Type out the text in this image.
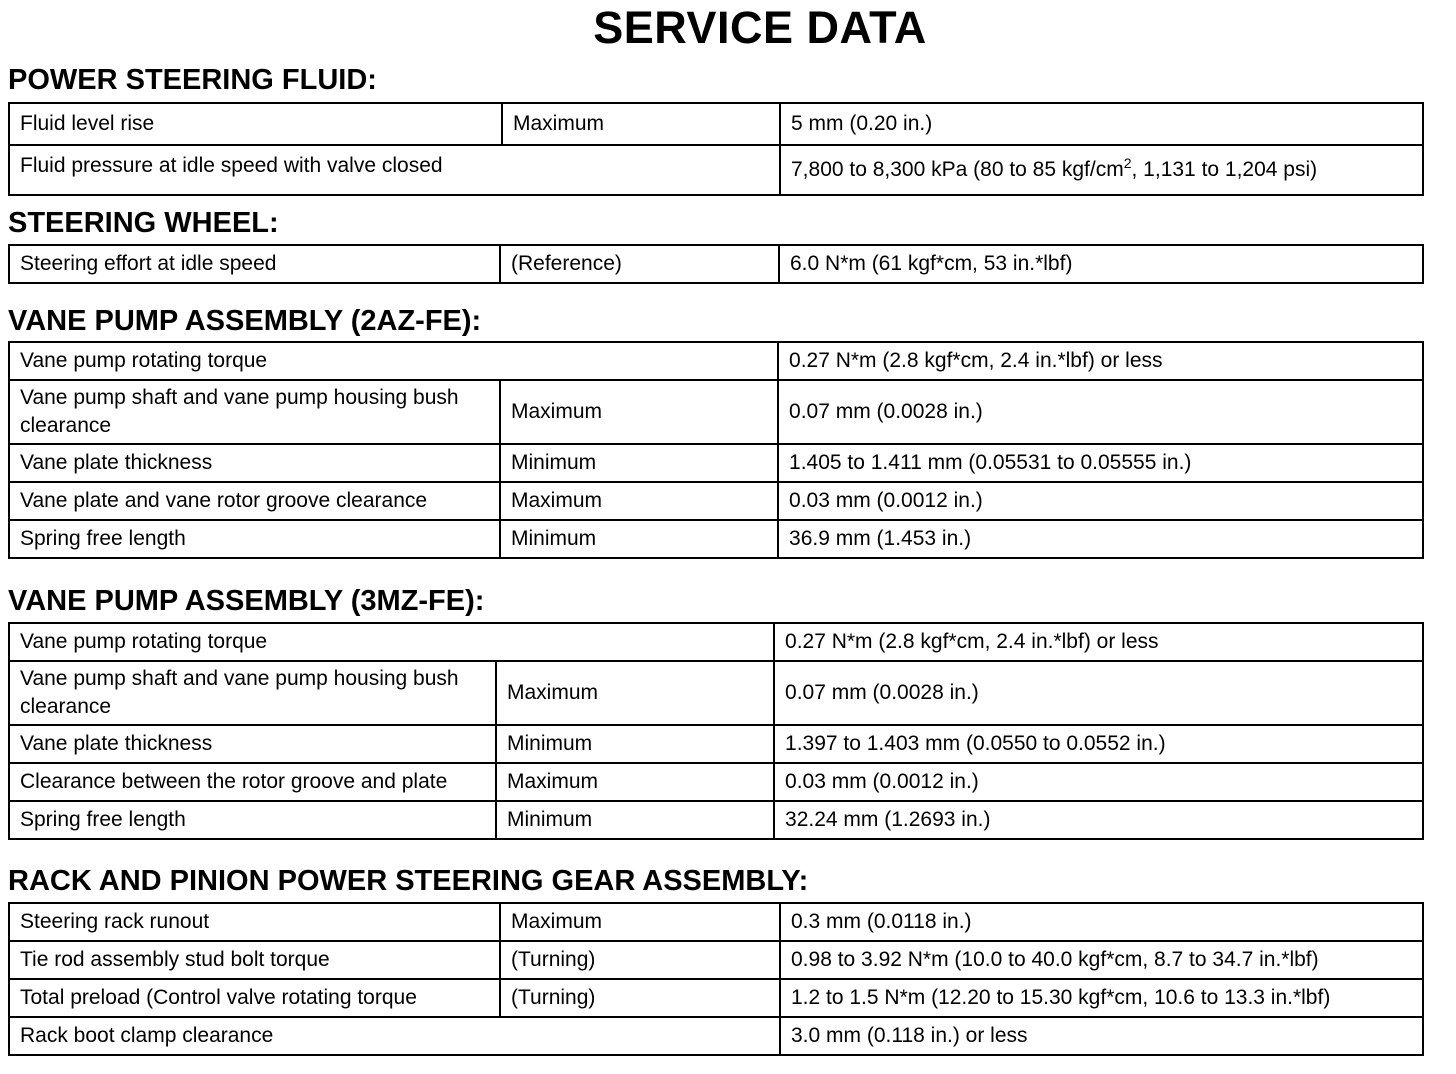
SERVICE DATA
POWER STEERING FLUID:
Fluid level rise	Maximum	5 mm (0.20 in.)
Fluid pressure at idle speed with valve closed		7,800 to 8,300 kPa (80 to 85 kgf/$cm^2$, 1,131 to 1,204 psi)
STEERING WHEEL:
Steering effort at idle speed	(Reference)	6.0 N*m (61 kgf*cm, 53 in.*lbf)
VANE PUMP ASSEMBLY (2AZ-FE):
Vane pump rotating torque		0.27 N*m (2.8 kgf*cm, 2.4 in.*lbf) or less
Vane pump shaft and vane pump housing bush clearance	Maximum	0.07 mm (0.0028 in.)
Vane plate thickness	Minimum	1.405 to 1.411 mm (0.05531 to 0.05555 in.)
Vane plate and vane rotor groove clearance	Maximum	0.03 mm (0.0012 in.)
Spring free length	Minimum	36.9 mm (1.453 in.)
VANE PUMP ASSEMBLY (3MZ-FE):
Vane pump rotating torque		0.27 N*m (2.8 kgf*cm, 2.4 in.*lbf) or less
Vane pump shaft and vane pump housing bush clearance	Maximum	0.07 mm (0.0028 in.)
Vane plate thickness	Minimum	1.397 to 1.403 mm (0.0550 to 0.0552 in.)
Clearance between the rotor groove and plate	Maximum	0.03 mm (0.0012 in.)
Spring free length	Minimum	32.24 mm (1.2693 in.)
RACK AND PINION POWER STEERING GEAR ASSEMBLY:
Steering rack runout	Maximum	0.3 mm (0.0118 in.)
Tie rod assembly stud bolt torque	(Turning)	0.98 to 3.92 N*m (10.0 to 40.0 kgf*cm, 8.7 to 34.7 in.*lbf)
Total preload (Control valve rotating torque	(Turning)	1.2 to 1.5 N*m (12.20 to 15.30 kgf*cm, 10.6 to 13.3 in.*lbf)
Rack boot clamp clearance		3.0 mm (0.118 in.) or less
